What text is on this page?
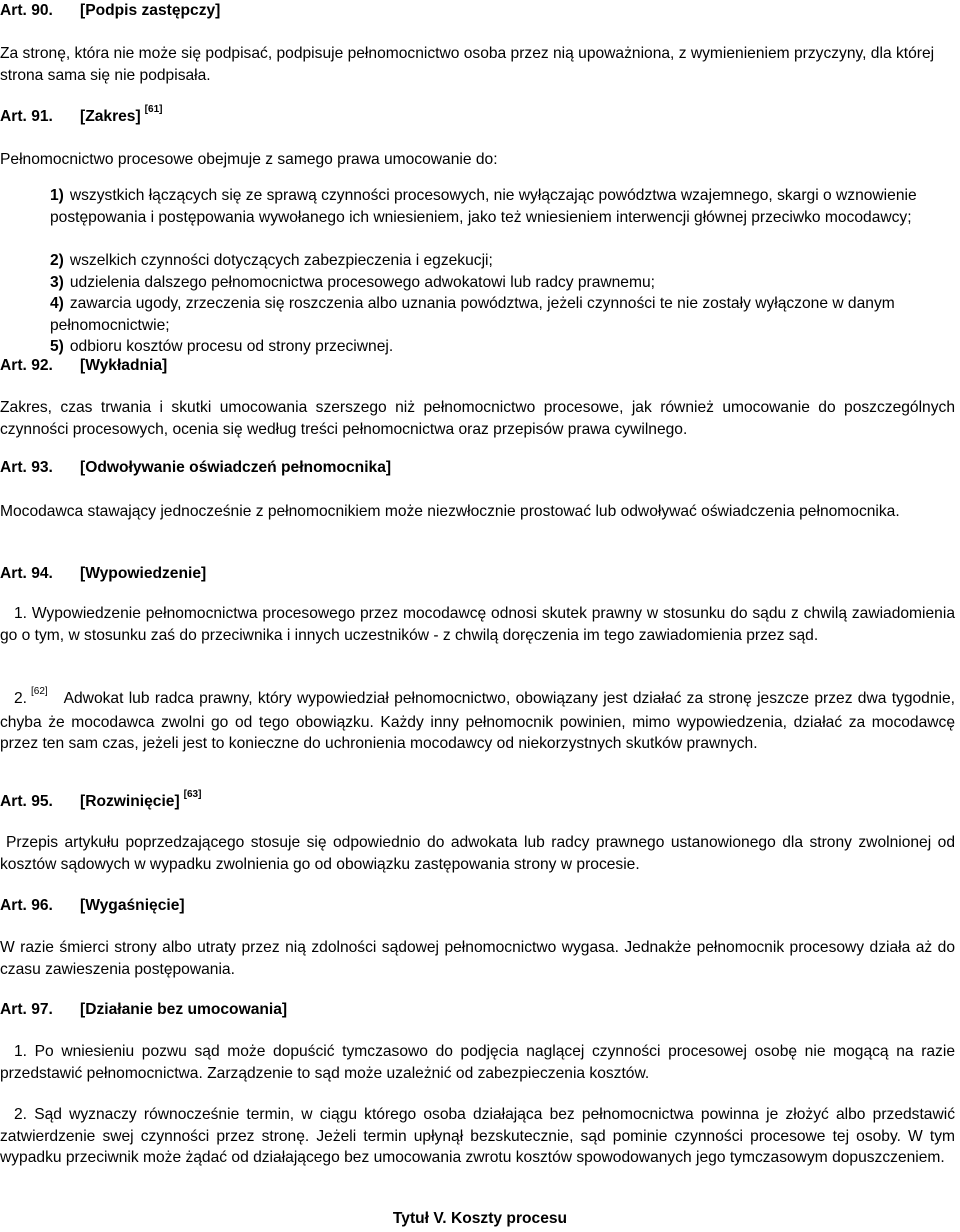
Art. 90. [Podpis zastępczy]

Za stronę, która nie może się podpisać, podpisuje pełnomocnictwo osoba przez nią upoważniona, z wymienieniem przyczyny, dla której strona sama się nie podpisała.

Art. 91. [Zakres] [61]

Pełnomocnictwo procesowe obejmuje z samego prawa umocowanie do:

1) wszystkich łączących się ze sprawą czynności procesowych, nie wyłączając powództwa wzajemnego, skargi o wznowienie postępowania i postępowania wywołanego ich wniesieniem, jako też wniesieniem interwencji głównej przeciwko mocodawcy;
2) wszelkich czynności dotyczących zabezpieczenia i egzekucji;
3) udzielenia dalszego pełnomocnictwa procesowego adwokatowi lub radcy prawnemu;
4) zawarcia ugody, zrzeczenia się roszczenia albo uznania powództwa, jeżeli czynności te nie zostały wyłączone w danym pełnomocnictwie;
5) odbioru kosztów procesu od strony przeciwnej.
Art. 92. [Wykładnia]

Zakres, czas trwania i skutki umocowania szerszego niż pełnomocnictwo procesowe, jak również umocowanie do poszczególnych czynności procesowych, ocenia się według treści pełnomocnictwa oraz przepisów prawa cywilnego.

Art. 93. [Odwoływanie oświadczeń pełnomocnika]

Mocodawca stawający jednocześnie z pełnomocnikiem może niezwłocznie prostować lub odwoływać oświadczenia pełnomocnika.

Art. 94. [Wypowiedzenie]

1. Wypowiedzenie pełnomocnictwa procesowego przez mocodawcę odnosi skutek prawny w stosunku do sądu z chwilą zawiadomienia go o tym, w stosunku zaś do przeciwnika i innych uczestników - z chwilą doręczenia im tego zawiadomienia przez sąd.

2. [62] Adwokat lub radca prawny, który wypowiedział pełnomocnictwo, obowiązany jest działać za stronę jeszcze przez dwa tygodnie, chyba że mocodawca zwolni go od tego obowiązku. Każdy inny pełnomocnik powinien, mimo wypowiedzenia, działać za mocodawcę przez ten sam czas, jeżeli jest to konieczne do uchronienia mocodawcy od niekorzystnych skutków prawnych.

Art. 95. [Rozwinięcie] [63]

Przepis artykułu poprzedzającego stosuje się odpowiednio do adwokata lub radcy prawnego ustanowionego dla strony zwolnionej od kosztów sądowych w wypadku zwolnienia go od obowiązku zastępowania strony w procesie.

Art. 96. [Wygaśnięcie]

W razie śmierci strony albo utraty przez nią zdolności sądowej pełnomocnictwo wygasa. Jednakże pełnomocnik procesowy działa aż do czasu zawieszenia postępowania.

Art. 97. [Działanie bez umocowania]

1. Po wniesieniu pozwu sąd może dopuścić tymczasowo do podjęcia naglącej czynności procesowej osobę nie mogącą na razie przedstawić pełnomocnictwa. Zarządzenie to sąd może uzależnić od zabezpieczenia kosztów.

2. Sąd wyznaczy równocześnie termin, w ciągu którego osoba działająca bez pełnomocnictwa powinna je złożyć albo przedstawić zatwierdzenie swej czynności przez stronę. Jeżeli termin upłynął bezskutecznie, sąd pominie czynności procesowe tej osoby. W tym wypadku przeciwnik może żądać od działającego bez umocowania zwrotu kosztów spowodowanych jego tymczasowym dopuszczeniem.

Tytuł V. Koszty procesu
